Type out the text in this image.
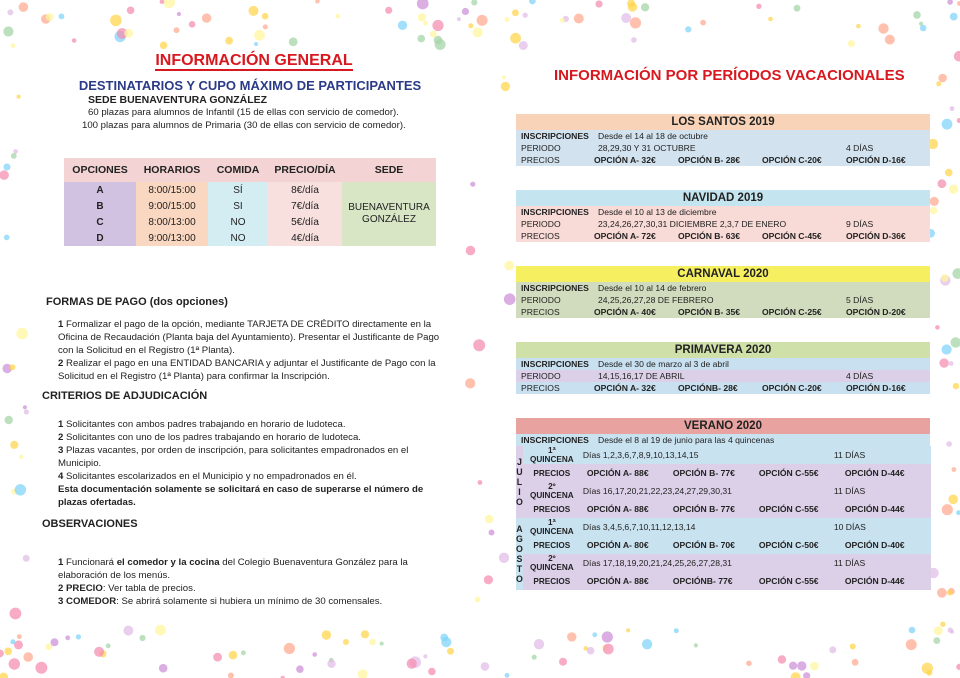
INFORMACIÓN GENERAL
DESTINATARIOS Y CUPO MÁXIMO DE PARTICIPANTES
SEDE BUENAVENTURA GONZÁLEZ
60 plazas para alumnos de Infantil (15 de ellas con servicio de comedor).
100 plazas para alumnos de Primaria (30 de ellas con servicio de comedor).
OPCIONES	HORARIOS	COMIDA	PRECIO/DÍA	SEDE
A	8:00/15:00	SÍ	8€/día	BUENAVENTURA
GONZÁLEZ
B	9:00/15:00	SI	7€/día	
C	8:00/13:00	NO	5€/día	
D	9:00/13:00	NO	4€/día	
FORMAS DE PAGO (dos opciones)
1 Formalizar el pago de la opción, mediante TARJETA DE CRÉDITO directamente en la
Oficina de Recaudación (Planta baja del Ayuntamiento). Presentar el Justificante de Pago
con la Solicitud en el Registro (1ª Planta).
2 Realizar el pago en una ENTIDAD BANCARIA y adjuntar el Justificante de Pago con la
Solicitud en el Registro (1ª Planta) para confirmar la Inscripción.
CRITERIOS DE ADJUDICACIÓN
1 Solicitantes con ambos padres trabajando en horario de ludoteca.
2 Solicitantes con uno de los padres trabajando en horario de ludoteca.
3 Plazas vacantes, por orden de inscripción, para solicitantes empadronados en el
Municipio.
4 Solicitantes escolarizados en el Municipio y no empadronados en él.
Esta documentación solamente se solicitará en caso de superarse el número de
plazas ofertadas.
OBSERVACIONES
1 Funcionará el comedor y la cocina del Colegio Buenaventura González para la
elaboración de los menús.
2 PRECIO: Ver tabla de precios.
3 COMEDOR: Se abrirá solamente si hubiera un mínimo de 30 comensales.
INFORMACIÓN POR PERÍODOS VACACIONALES
LOS SANTOS 2019
INSCRIPCIONES	Desde el 14 al 18 de octubre
PERIODO	28,29,30 Y 31 OCTUBRE	4 DÍAS
PRECIOS	OPCIÓN A- 32€	OPCIÓN B- 28€	OPCIÓN C-20€	OPCIÓN D-16€
NAVIDAD 2019
INSCRIPCIONES	Desde el 10 al 13 de diciembre
PERIODO	23,24,26,27,30,31 DICIEMBRE 2,3,7 DE ENERO	9 DÍAS
PRECIOS	OPCIÓN A- 72€	OPCIÓN B- 63€	OPCIÓN C-45€	OPCIÓN D-36€
CARNAVAL 2020
INSCRIPCIONES	Desde el 10 al 14 de febrero
PERIODO	24,25,26,27,28 DE FEBRERO	5 DÍAS
PRECIOS	OPCIÓN A- 40€	OPCIÓN B- 35€	OPCIÓN C-25€	OPCIÓN D-20€
PRIMAVERA 2020
INSCRIPCIONES	Desde el 30 de marzo al 3 de abril
PERIODO	14,15,16,17 DE ABRIL	4 DÍAS
PRECIOS	OPCIÓN A- 32€	OPCIÓNB- 28€	OPCIÓN C-20€	OPCIÓN D-16€
VERANO 2020
INSCRIPCIONES	Desde el 8 al 19 de junio para las 4 quincenas
J
U
L
I
O
1ª
QUINCENA	Días 1,2,3,6,7,8,9,10,13,14,15	11 DÍAS
PRECIOS	OPCIÓN A- 88€	OPCIÓN B- 77€	OPCIÓN C-55€	OPCIÓN D-44€
2º
QUINCENA	Días 16,17,20,21,22,23,24,27,29,30,31	11 DÍAS
PRECIOS	OPCIÓN A- 88€	OPCIÓN B- 77€	OPCIÓN C-55€	OPCIÓN D-44€
A
G
O
S
T
O
1ª
QUINCENA	Días 3,4,5,6,7,10,11,12,13,14	10 DÍAS
PRECIOS	OPCIÓN A- 80€	OPCIÓN B- 70€	OPCIÓN C-50€	OPCIÓN D-40€
2º
QUINCENA	Días 17,18,19,20,21,24,25,26,27,28,31	11 DÍAS
PRECIOS	OPCIÓN A- 88€	OPCIÓNB- 77€	OPCIÓN C-55€	OPCIÓN D-44€
